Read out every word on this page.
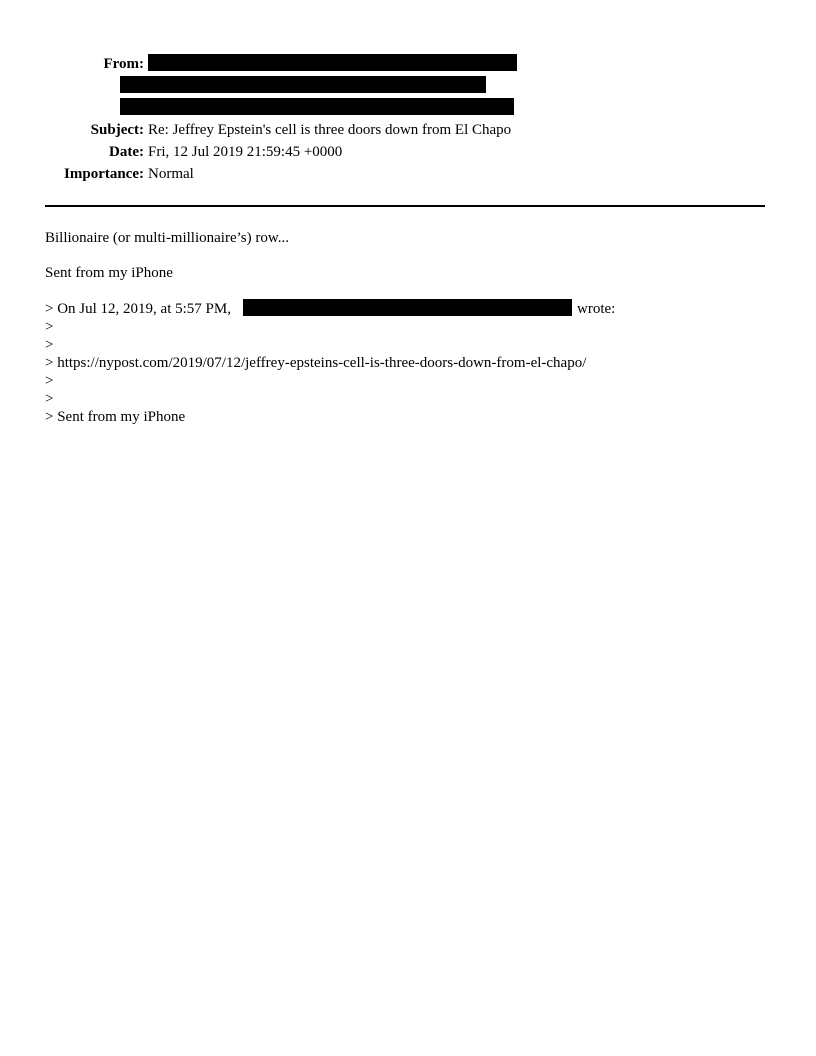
From:
Subject: Re: Jeffrey Epstein's cell is three doors down from El Chapo
Date: Fri, 12 Jul 2019 21:59:45 +0000
Importance: Normal
Billionaire (or multi-millionaire’s) row...
Sent from my iPhone
> On Jul 12, 2019, at 5:57 PM,	wrote:
>
>
> https://nypost.com/2019/07/12/jeffrey-epsteins-cell-is-three-doors-down-from-el-chapo/
>
>
> Sent from my iPhone
